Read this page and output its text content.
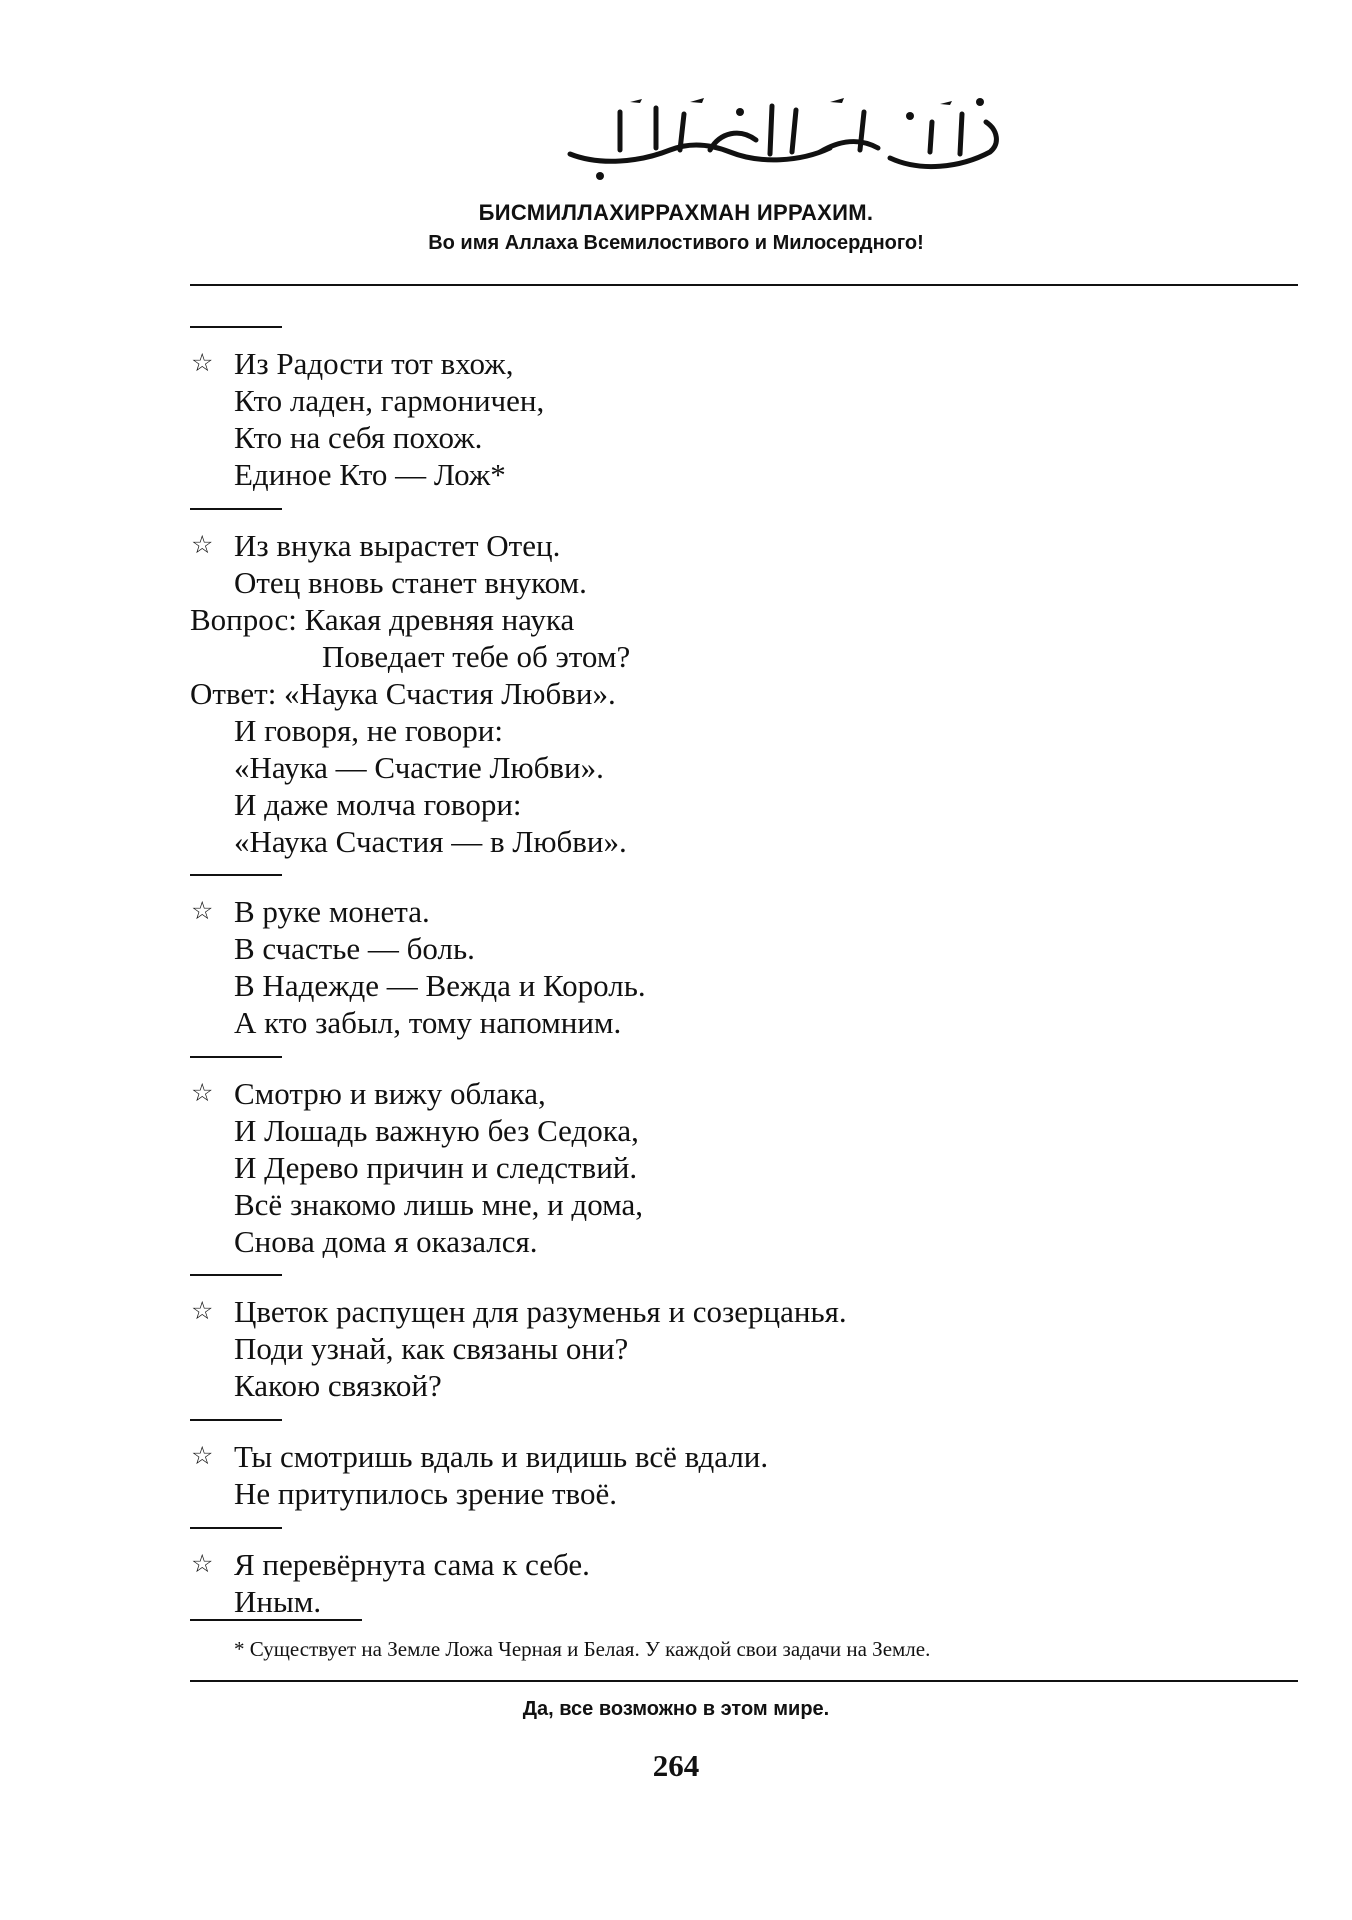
БИСМИЛЛАХИРРАХМАН ИРРАХИМ.
Во имя Аллаха Всемилостивого и Милосердного!
☆ Из Радости тот вхож,
Кто ладен, гармоничен,
Кто на себя похож.
Единое Кто — Лож*
☆ Из внука вырастет Отец.
Отец вновь станет внуком.
Вопрос: Какая древняя наука
Поведает тебе об этом?
Ответ: «Наука Счастия Любви».
И говоря, не говори:
«Наука — Счастие Любви».
И даже молча говори:
«Наука Счастия — в Любви».
☆ В руке монета.
В счастье — боль.
В Надежде — Вежда и Король.
А кто забыл, тому напомним.
☆ Смотрю и вижу облака,
И Лошадь важную без Седока,
И Дерево причин и следствий.
Всё знакомо лишь мне, и дома,
Снова дома я оказался.
☆ Цветок распущен для разуменья и созерцанья.
Поди узнай, как связаны они?
Какою связкой?
☆ Ты смотришь вдаль и видишь всё вдали.
Не притупилось зрение твоё.
☆ Я перевёрнута сама к себе.
Иным.
* Существует на Земле Ложа Черная и Белая. У каждой свои задачи на Земле.
Да, все возможно в этом мире.
264
